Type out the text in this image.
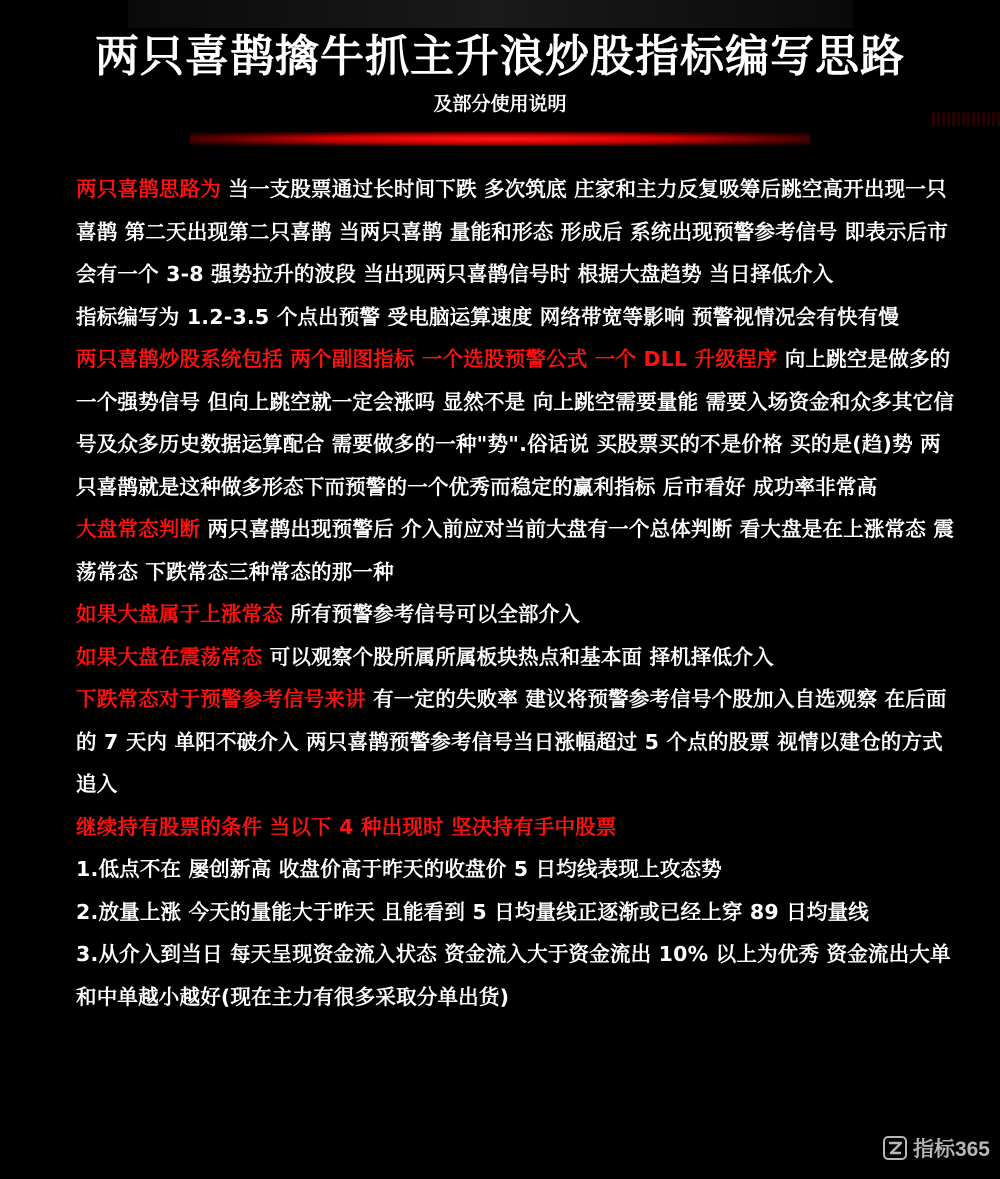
两只喜鹊擒牛抓主升浪炒股指标编写思路
及部分使用说明

两只喜鹊思路为 当一支股票通过长时间下跌 多次筑底 庄家和主力反复吸筹后跳空高开出现一只喜鹊 第二天出现第二只喜鹊 当两只喜鹊 量能和形态 形成后 系统出现预警参考信号 即表示后市会有一个 3-8 强势拉升的波段 当出现两只喜鹊信号时 根据大盘趋势 当日择低介入

指标编写为 1.2-3.5 个点出预警 受电脑运算速度 网络带宽等影响 预警视情况会有快有慢

两只喜鹊炒股系统包括 两个副图指标 一个选股预警公式 一个 DLL 升级程序 向上跳空是做多的一个强势信号 但向上跳空就一定会涨吗 显然不是 向上跳空需要量能 需要入场资金和众多其它信号及众多历史数据运算配合 需要做多的一种"势".俗话说 买股票买的不是价格 买的是(趋)势 两只喜鹊就是这种做多形态下而预警的一个优秀而稳定的赢利指标 后市看好 成功率非常高

大盘常态判断 两只喜鹊出现预警后 介入前应对当前大盘有一个总体判断 看大盘是在上涨常态 震荡常态 下跌常态三种常态的那一种

如果大盘属于上涨常态 所有预警参考信号可以全部介入

如果大盘在震荡常态 可以观察个股所属所属板块热点和基本面 择机择低介入

下跌常态对于预警参考信号来讲 有一定的失败率 建议将预警参考信号个股加入自选观察 在后面的 7 天内 单阳不破介入 两只喜鹊预警参考信号当日涨幅超过 5 个点的股票 视情以建仓的方式追入

继续持有股票的条件 当以下 4 种出现时 坚决持有手中股票

1.低点不在 屡创新高 收盘价高于昨天的收盘价 5 日均线表现上攻态势

2.放量上涨 今天的量能大于昨天 且能看到 5 日均量线正逐渐或已经上穿 89 日均量线

3.从介入到当日 每天呈现资金流入状态 资金流入大于资金流出 10% 以上为优秀 资金流出大单和中单越小越好(现在主力有很多采取分单出货)

指标365
